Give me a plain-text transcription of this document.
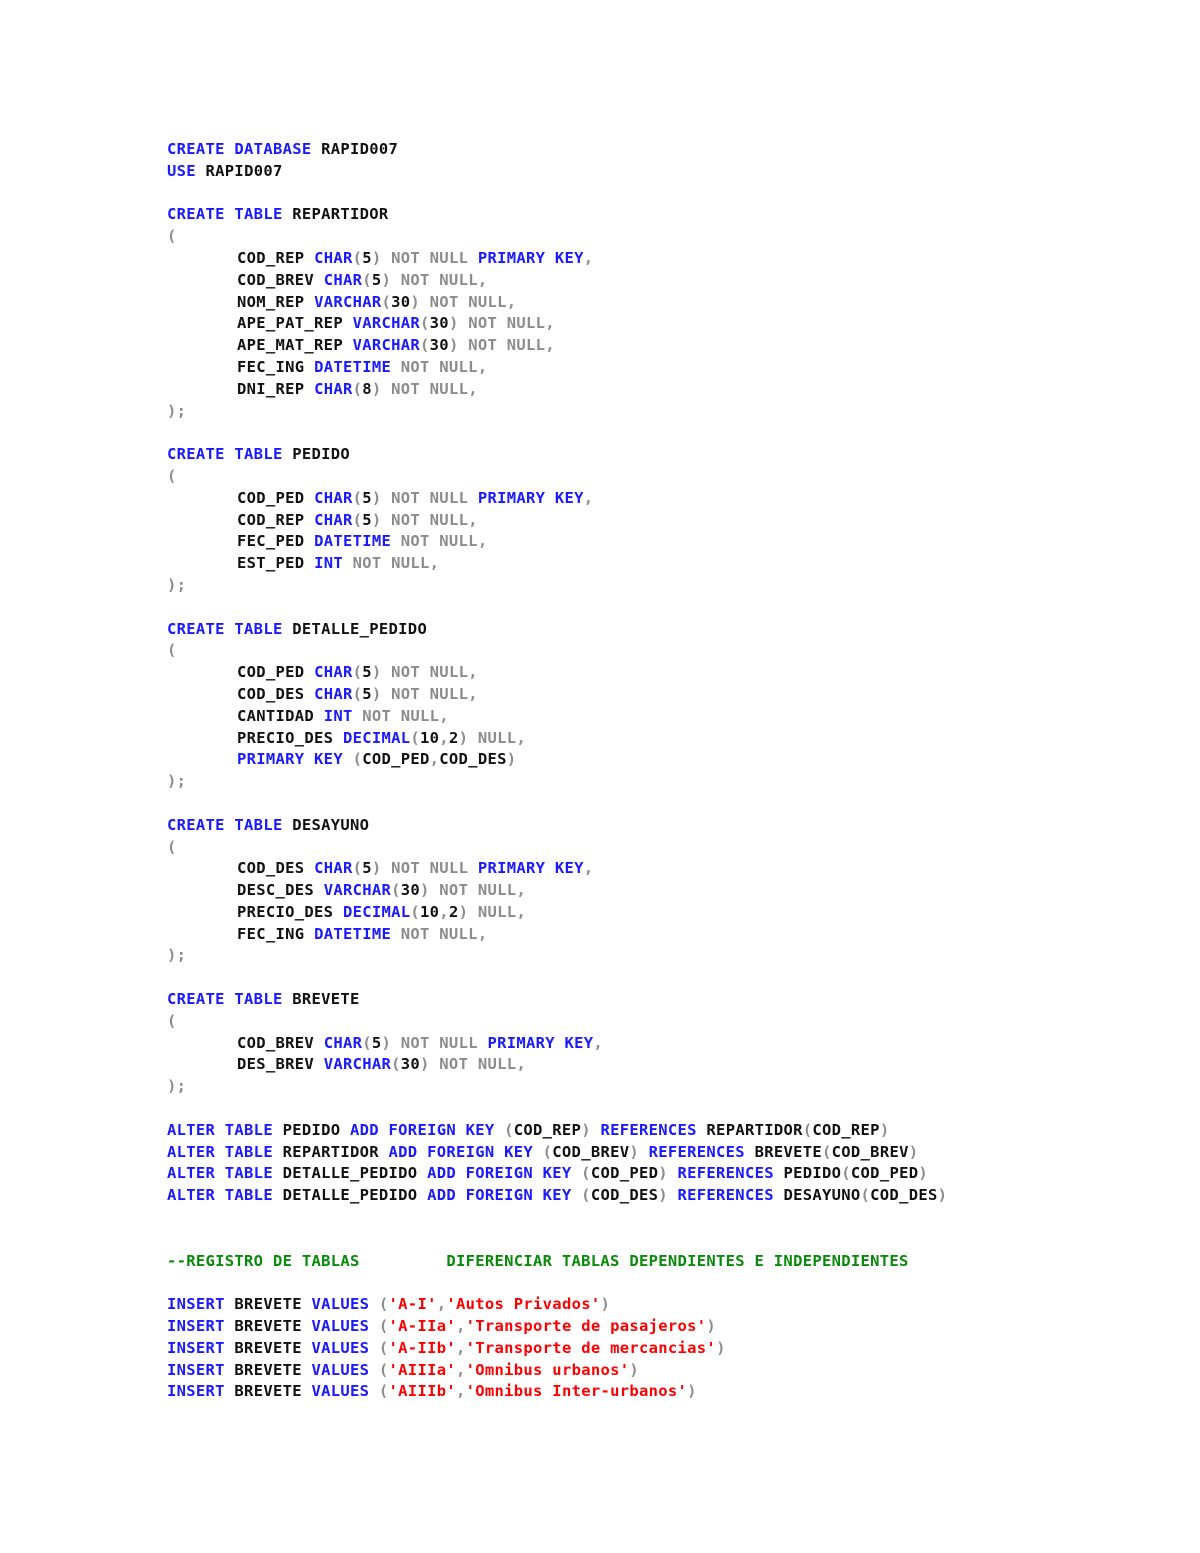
CREATE DATABASE RAPID007
USE RAPID007
CREATE TABLE REPARTIDOR
(
COD_REP CHAR(5) NOT NULL PRIMARY KEY,
COD_BREV CHAR(5) NOT NULL,
NOM_REP VARCHAR(30) NOT NULL,
APE_PAT_REP VARCHAR(30) NOT NULL,
APE_MAT_REP VARCHAR(30) NOT NULL,
FEC_ING DATETIME NOT NULL,
DNI_REP CHAR(8) NOT NULL,
);
CREATE TABLE PEDIDO
(
COD_PED CHAR(5) NOT NULL PRIMARY KEY,
COD_REP CHAR(5) NOT NULL,
FEC_PED DATETIME NOT NULL,
EST_PED INT NOT NULL,
);
CREATE TABLE DETALLE_PEDIDO
(
COD_PED CHAR(5) NOT NULL,
COD_DES CHAR(5) NOT NULL,
CANTIDAD INT NOT NULL,
PRECIO_DES DECIMAL(10,2) NULL,
PRIMARY KEY (COD_PED,COD_DES)
);
CREATE TABLE DESAYUNO
(
COD_DES CHAR(5) NOT NULL PRIMARY KEY,
DESC_DES VARCHAR(30) NOT NULL,
PRECIO_DES DECIMAL(10,2) NULL,
FEC_ING DATETIME NOT NULL,
);
CREATE TABLE BREVETE
(
COD_BREV CHAR(5) NOT NULL PRIMARY KEY,
DES_BREV VARCHAR(30) NOT NULL,
);
ALTER TABLE PEDIDO ADD FOREIGN KEY (COD_REP) REFERENCES REPARTIDOR(COD_REP)
ALTER TABLE REPARTIDOR ADD FOREIGN KEY (COD_BREV) REFERENCES BREVETE(COD_BREV)
ALTER TABLE DETALLE_PEDIDO ADD FOREIGN KEY (COD_PED) REFERENCES PEDIDO(COD_PED)
ALTER TABLE DETALLE_PEDIDO ADD FOREIGN KEY (COD_DES) REFERENCES DESAYUNO(COD_DES)
--REGISTRO DE TABLAS         DIFERENCIAR TABLAS DEPENDIENTES E INDEPENDIENTES
INSERT BREVETE VALUES ('A-I','Autos Privados')
INSERT BREVETE VALUES ('A-IIa','Transporte de pasajeros')
INSERT BREVETE VALUES ('A-IIb','Transporte de mercancias')
INSERT BREVETE VALUES ('AIIIa','Omnibus urbanos')
INSERT BREVETE VALUES ('AIIIb','Omnibus Inter-urbanos')
